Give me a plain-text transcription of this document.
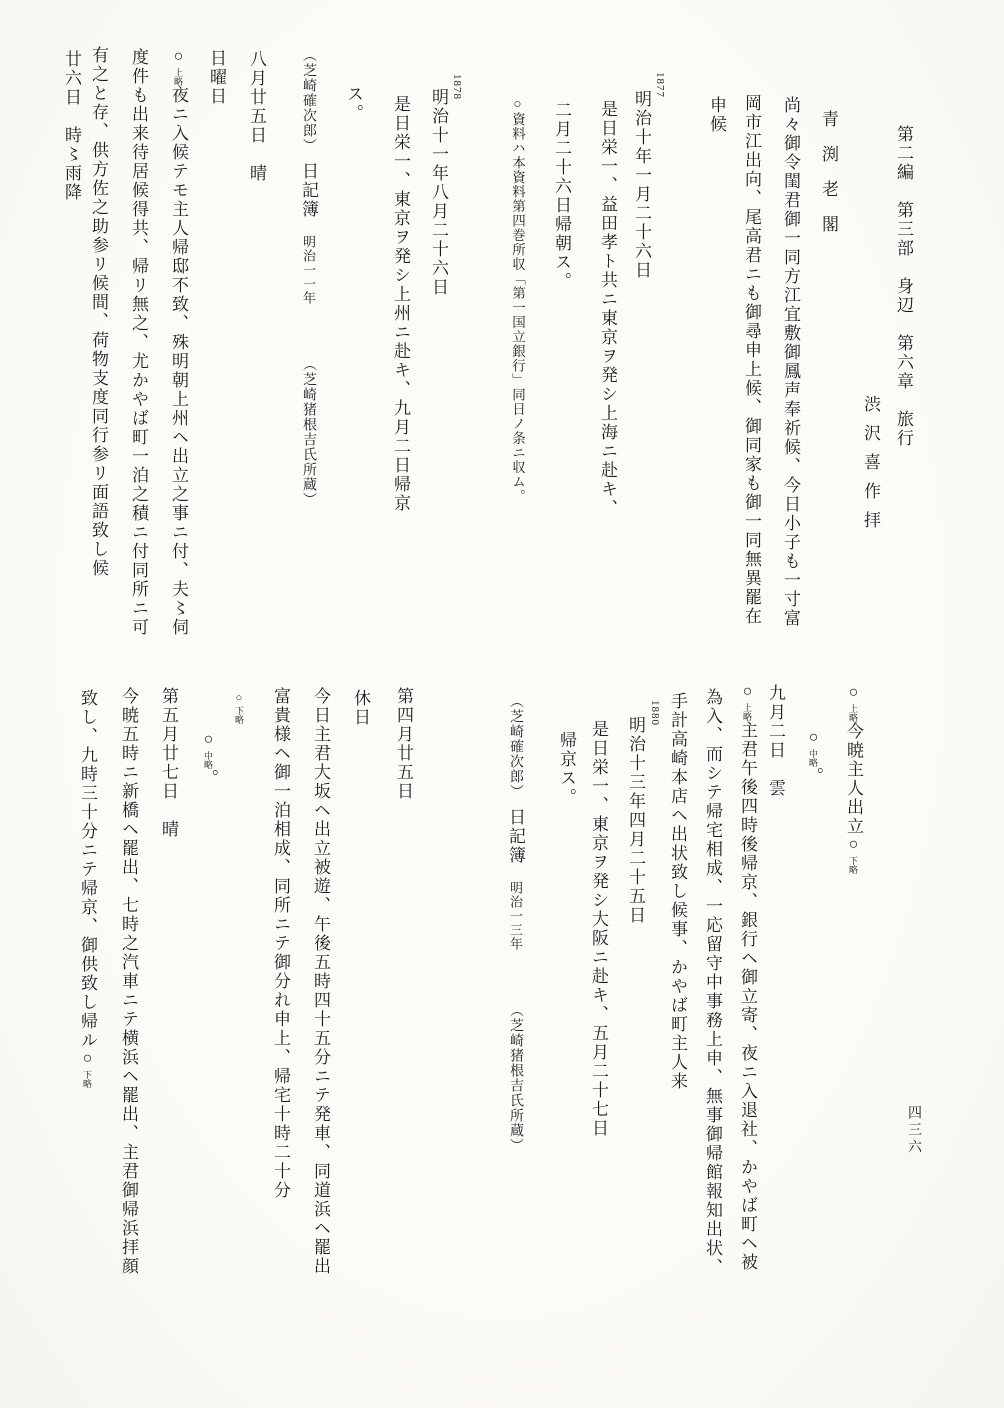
第二編　第三部　身辺　第六章　旅行
渋沢喜作拝
青渕老閣
尚々御令閨君御一同方江宜敷御鳳声奉祈候、今日小子も一寸富
岡市江出向、尾高君ニも御尋申上候、御同家も御一同無異罷在
申候
1877
明治十年一月二十六日
是日栄一、益田孝ト共ニ東京ヲ発シ上海ニ赴キ、
二月二十六日帰朝ス。
○資料ハ本資料第四巻所収「第一国立銀行」同日ノ条ニ収ム。
1878
明治十一年八月二十六日
是日栄一、東京ヲ発シ上州ニ赴キ、九月二日帰京
ス。
（芝崎確次郎）日記簿明治一一年（芝崎猪根吉氏所蔵）
八月廿五日　晴
日曜日
○上略夜ニ入候テモ主人帰邸不致、殊明朝上州ヘ出立之事ニ付、夫〻伺
度件も出来待居候得共、帰リ無之、尤かやば町一泊之積ニ付同所ニ可
有之と存、供方佐之助参リ候間、荷物支度同行参リ面語致し候
廿六日　時〻雨降
四三六
○上略今暁主人出立○下略
○中略。
九月二日　雲
○上略主君午後四時後帰京、銀行ヘ御立寄、夜ニ入退社、かやば町ヘ被
為入、而シテ帰宅相成、一応留守中事務上申、無事御帰館報知出状、
手計高崎本店ヘ出状致し候事、かやば町主人来
1880
明治十三年四月二十五日
是日栄一、東京ヲ発シ大阪ニ赴キ、五月二十七日
帰京ス。
（芝崎確次郎）日記簿明治一三年（芝崎猪根吉氏所蔵）
第四月廿五日
休日
今日主君大坂ヘ出立被遊、午後五時四十五分ニテ発車、同道浜ヘ罷出
富貴様ヘ御一泊相成、同所ニテ御分れ申上、帰宅十時二十分
○下略
○中略。
第五月廿七日　晴
今暁五時ニ新橋ヘ罷出、七時之汽車ニテ横浜ヘ罷出、主君御帰浜拝顔
致し、九時三十分ニテ帰京、御供致し帰ル○下略
